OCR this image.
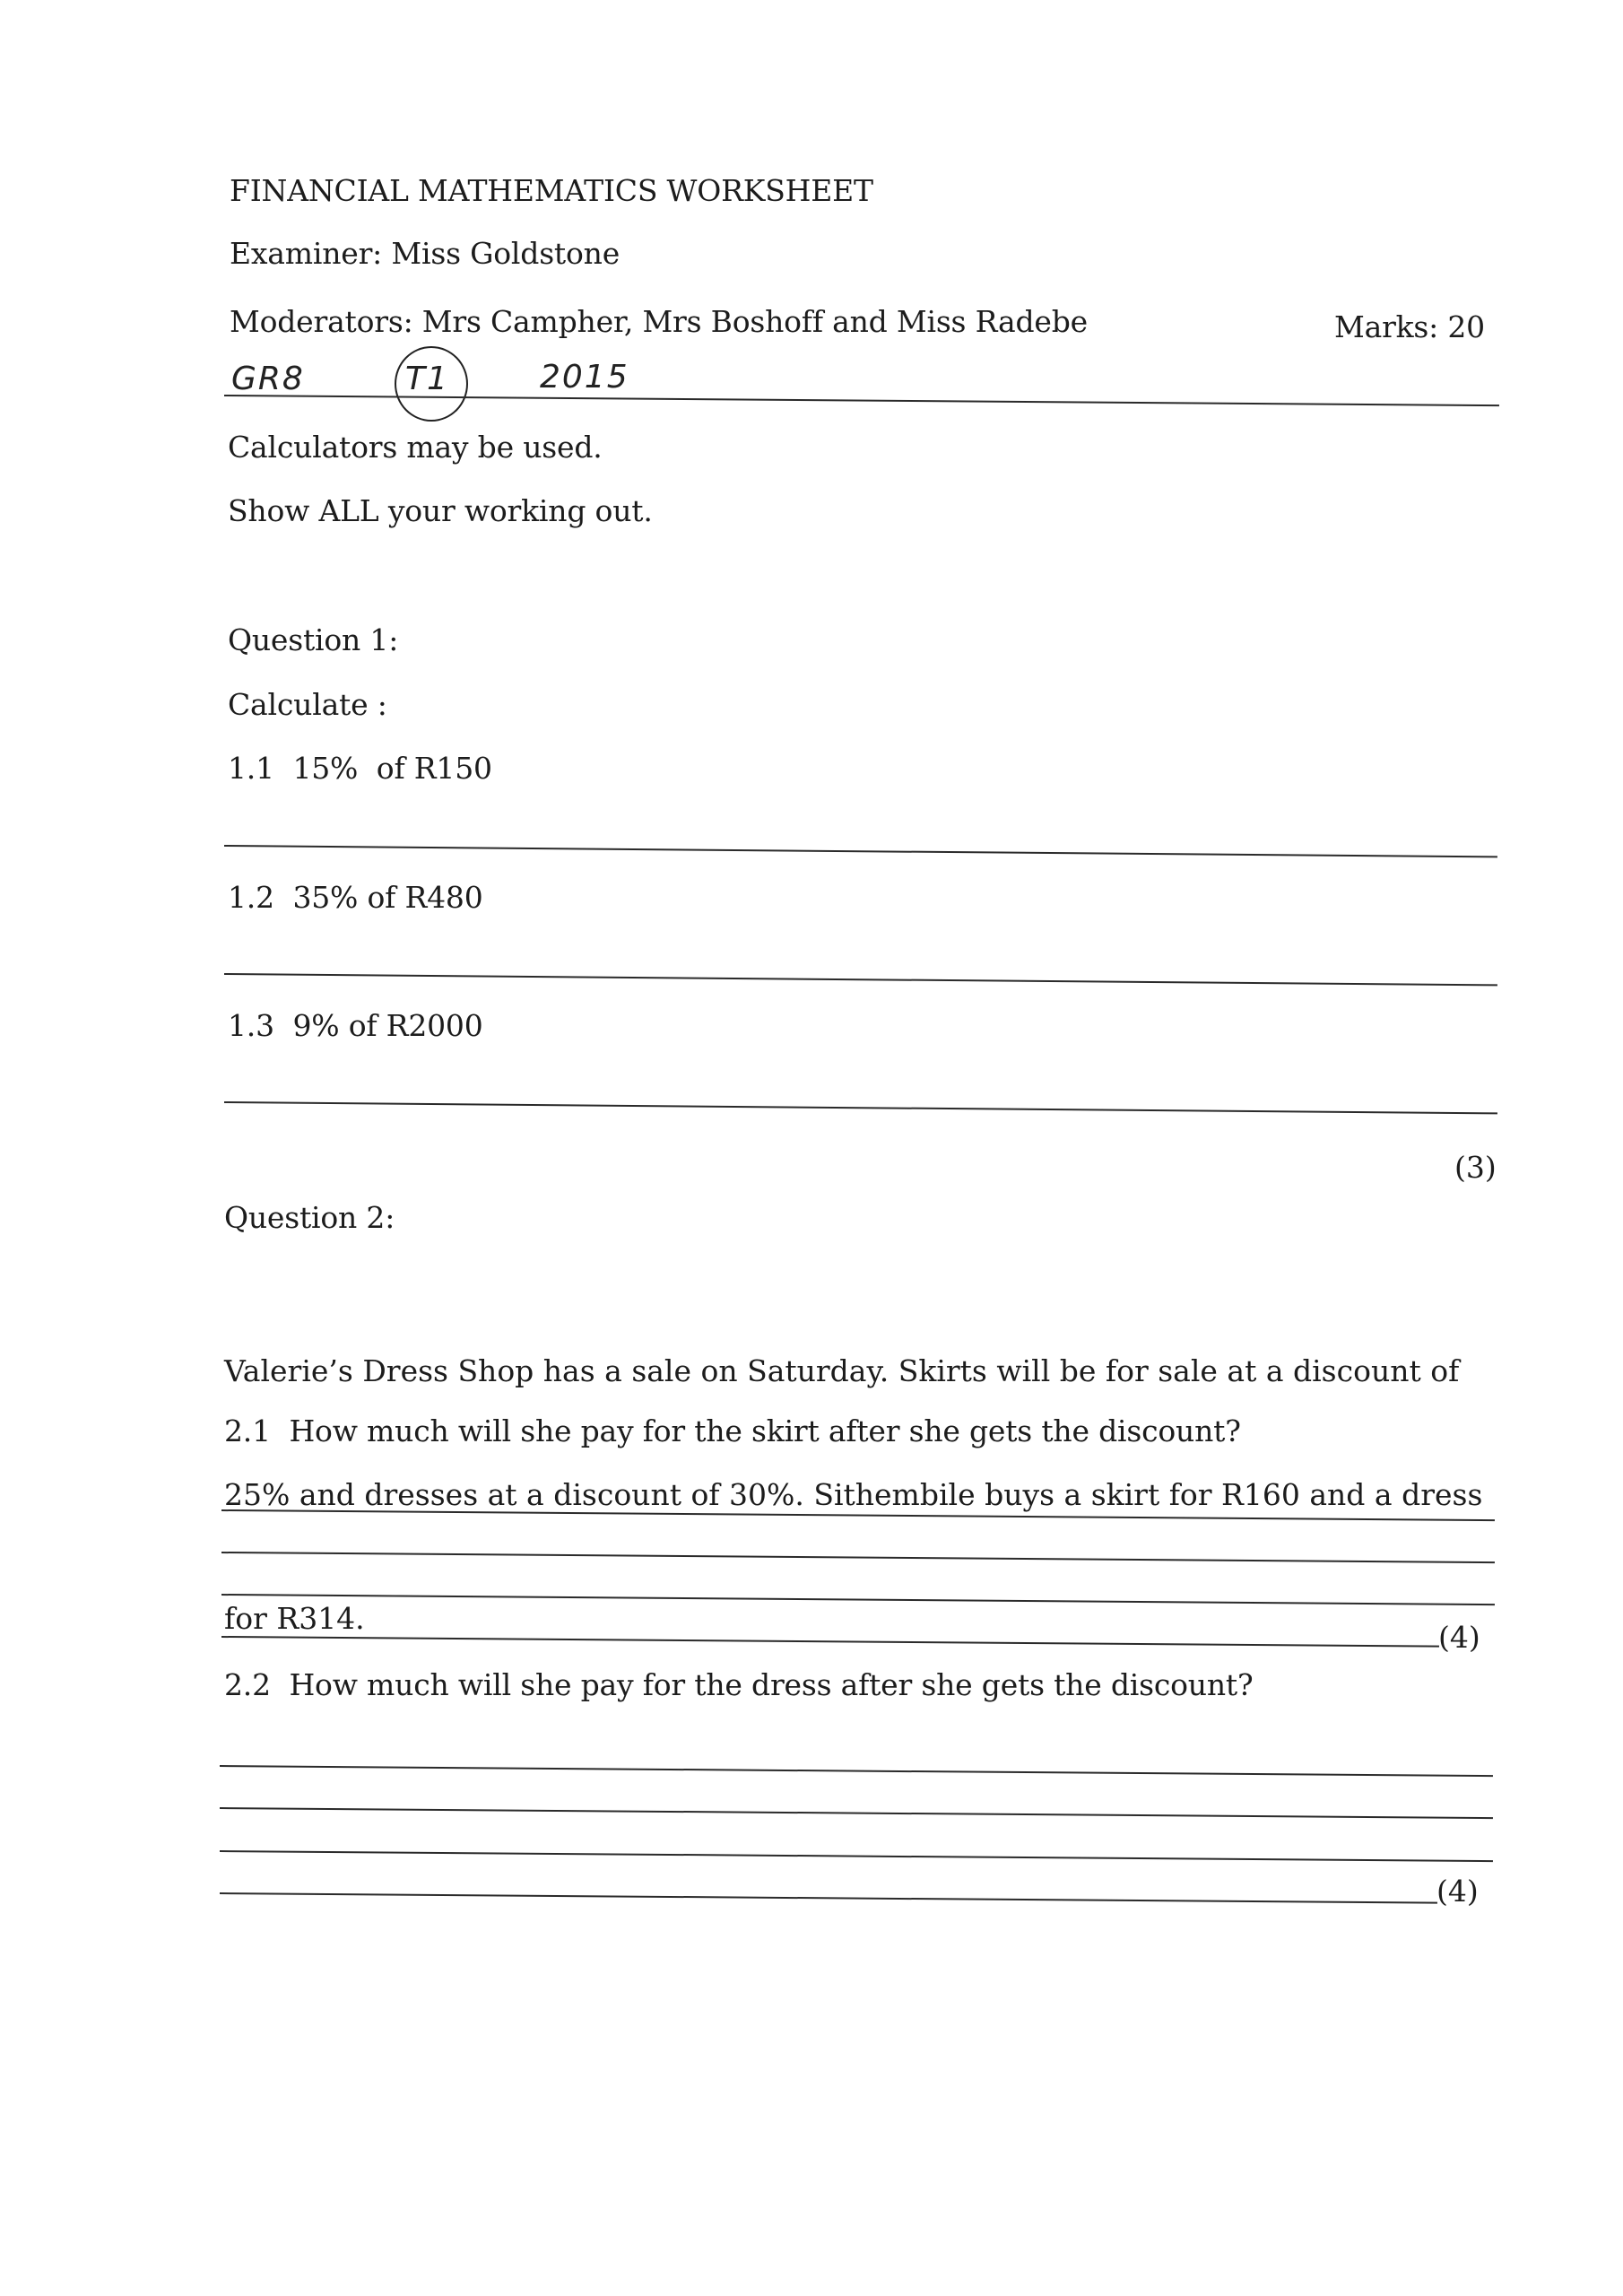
FINANCIAL MATHEMATICS WORKSHEET
Examiner: Miss Goldstone
Moderators: Mrs Campher, Mrs Boshoff and Miss Radebe	Marks: 20
GR8	T1	2015
Calculators may be used.
Show ALL your working out.
Question 1:
Calculate :
1.1  15%  of R150
1.2  35% of R480
1.3  9% of R2000
(3)
Question 2:

Valerie’s Dress Shop has a sale on Saturday. Skirts will be for sale at a discount of

25% and dresses at a discount of 30%. Sithembile buys a skirt for R160 and a dress

for R314.

2.1  How much will she pay for the skirt after she gets the discount?
(4)
2.2  How much will she pay for the dress after she gets the discount?
(4)
